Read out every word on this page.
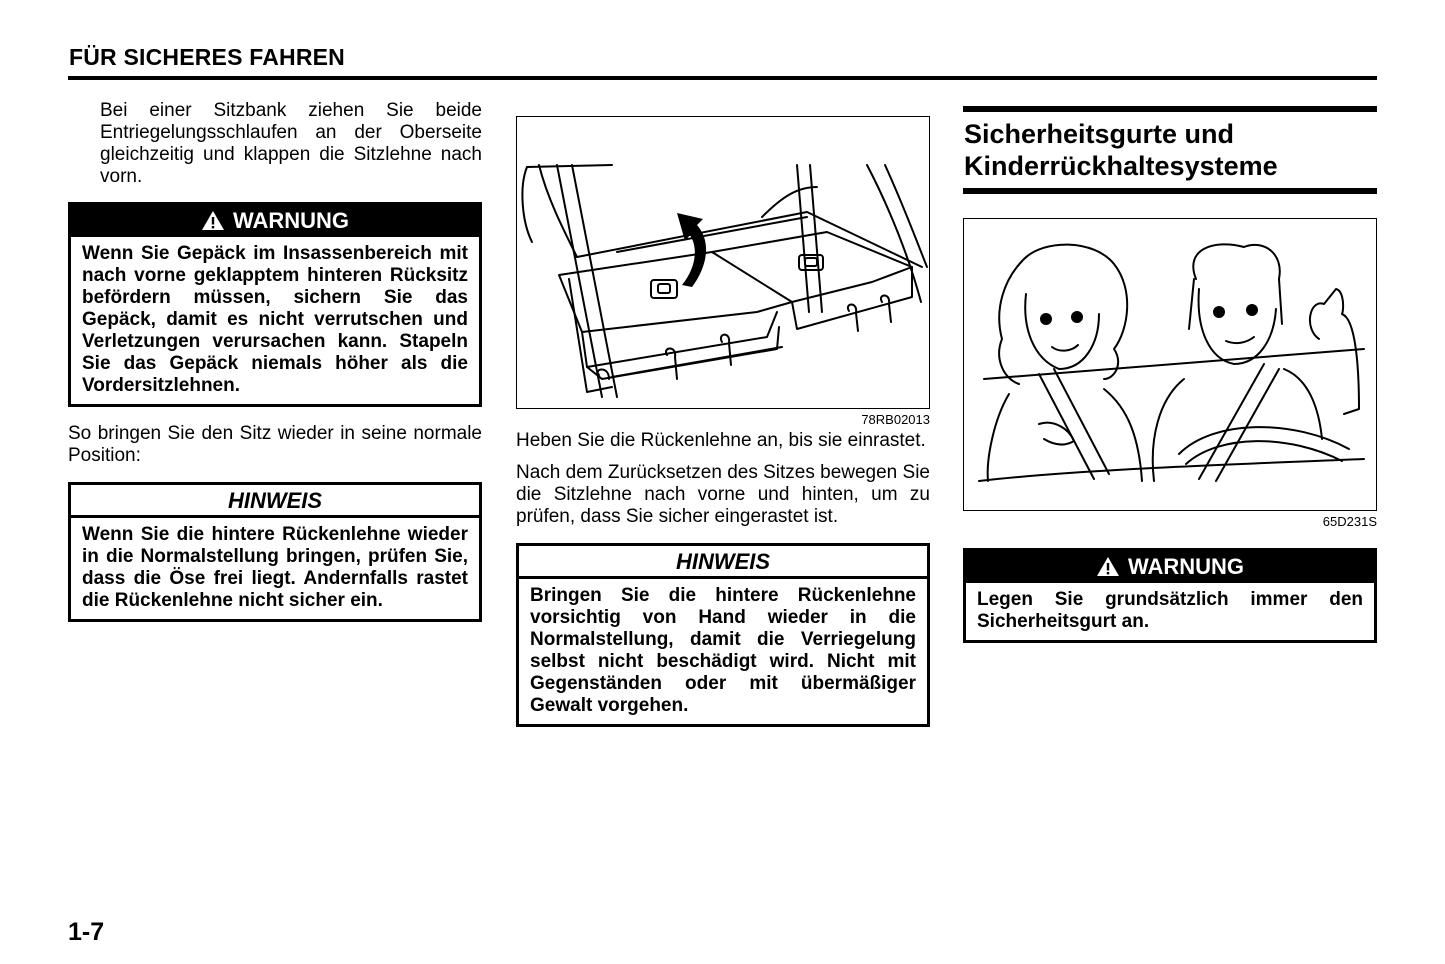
FÜR SICHERES FAHREN

Bei einer Sitzbank ziehen Sie beide Entriegelungsschlaufen an der Oberseite gleichzeitig und klappen die Sitzlehne nach vorn.

WARNUNG
Wenn Sie Gepäck im Insassenbereich mit nach vorne geklapptem hinteren Rücksitz befördern müssen, sichern Sie das Gepäck, damit es nicht verrutschen und Verletzungen verursachen kann. Stapeln Sie das Gepäck niemals höher als die Vordersitzlehnen.

So bringen Sie den Sitz wieder in seine normale Position:

HINWEIS
Wenn Sie die hintere Rückenlehne wieder in die Normalstellung bringen, prüfen Sie, dass die Öse frei liegt. Andernfalls rastet die Rückenlehne nicht sicher ein.
78RB02013

Heben Sie die Rückenlehne an, bis sie einrastet.

Nach dem Zurücksetzen des Sitzes bewegen Sie die Sitzlehne nach vorne und hinten, um zu prüfen, dass Sie sicher eingerastet ist.

HINWEIS
Bringen Sie die hintere Rückenlehne vorsichtig von Hand wieder in die Normalstellung, damit die Verriegelung selbst nicht beschädigt wird. Nicht mit Gegenständen oder mit übermäßiger Gewalt vorgehen.
Sicherheitsgurte und
Kinderrückhaltesysteme
65D231S
WARNUNG
Legen Sie grundsätzlich immer den Sicherheitsgurt an.
1-7
